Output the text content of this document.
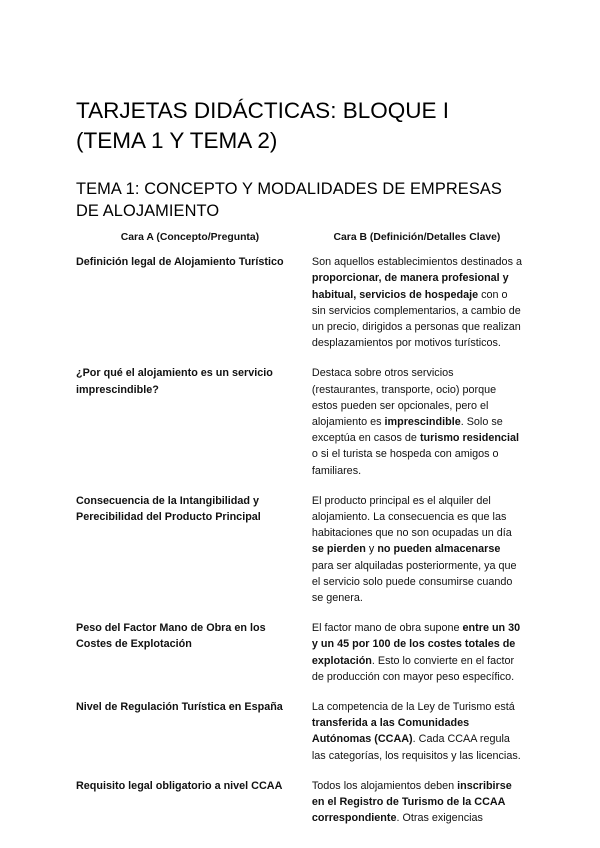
TARJETAS DIDÁCTICAS: BLOQUE I
(TEMA 1 Y TEMA 2)
TEMA 1: CONCEPTO Y MODALIDADES DE EMPRESAS
DE ALOJAMIENTO
Cara A (Concepto/Pregunta)	Cara B (Definición/Detalles Clave)
Definición legal de Alojamiento Turístico	Son aquellos establecimientos destinados a proporcionar, de manera profesional y habitual, servicios de hospedaje con o sin servicios complementarios, a cambio de un precio, dirigidos a personas que realizan desplazamientos por motivos turísticos.
¿Por qué el alojamiento es un servicio imprescindible?	Destaca sobre otros servicios (restaurantes, transporte, ocio) porque estos pueden ser opcionales, pero el alojamiento es imprescindible. Solo se exceptúa en casos de turismo residencial o si el turista se hospeda con amigos o familiares.
Consecuencia de la Intangibilidad y Perecibilidad del Producto Principal	El producto principal es el alquiler del alojamiento. La consecuencia es que las habitaciones que no son ocupadas un día se pierden y no pueden almacenarse para ser alquiladas posteriormente, ya que el servicio solo puede consumirse cuando se genera.
Peso del Factor Mano de Obra en los Costes de Explotación	El factor mano de obra supone entre un 30 y un 45 por 100 de los costes totales de explotación. Esto lo convierte en el factor de producción con mayor peso específico.
Nivel de Regulación Turística en España	La competencia de la Ley de Turismo está transferida a las Comunidades Autónomas (CCAA). Cada CCAA regula las categorías, los requisitos y las licencias.
Requisito legal obligatorio a nivel CCAA	Todos los alojamientos deben inscribirse en el Registro de Turismo de la CCAA correspondiente. Otras exigencias
